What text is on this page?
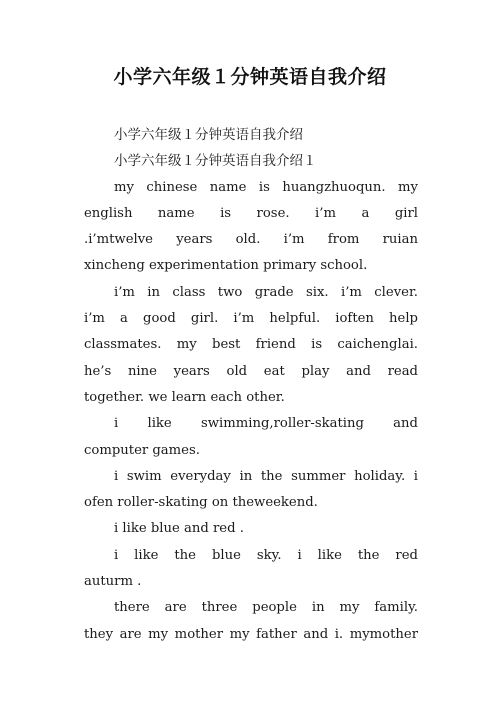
小学六年级１分钟英语自我介绍
小学六年级１分钟英语自我介绍
小学六年级１分钟英语自我介绍１
my chinese name is huangzhuoqun. my
english name is rose. i’m a girl
.i’mtwelve years old. i’m from ruian
xincheng experimentation primary school.
i’m in class two grade six. i’m clever.
i’m a good girl. i’m helpful. ioften help
classmates. my best friend is caichenglai.
he’s nine years old eat play and read
together. we learn each other.
i like swimming,roller-skating and
computer games.
i swim everyday in the summer holiday. i
ofen roller-skating on theweekend.
i like blue and red .
i like the blue sky. i like the red
auturm .
there are three people in my family.
they are my mother my father and i. mymother
